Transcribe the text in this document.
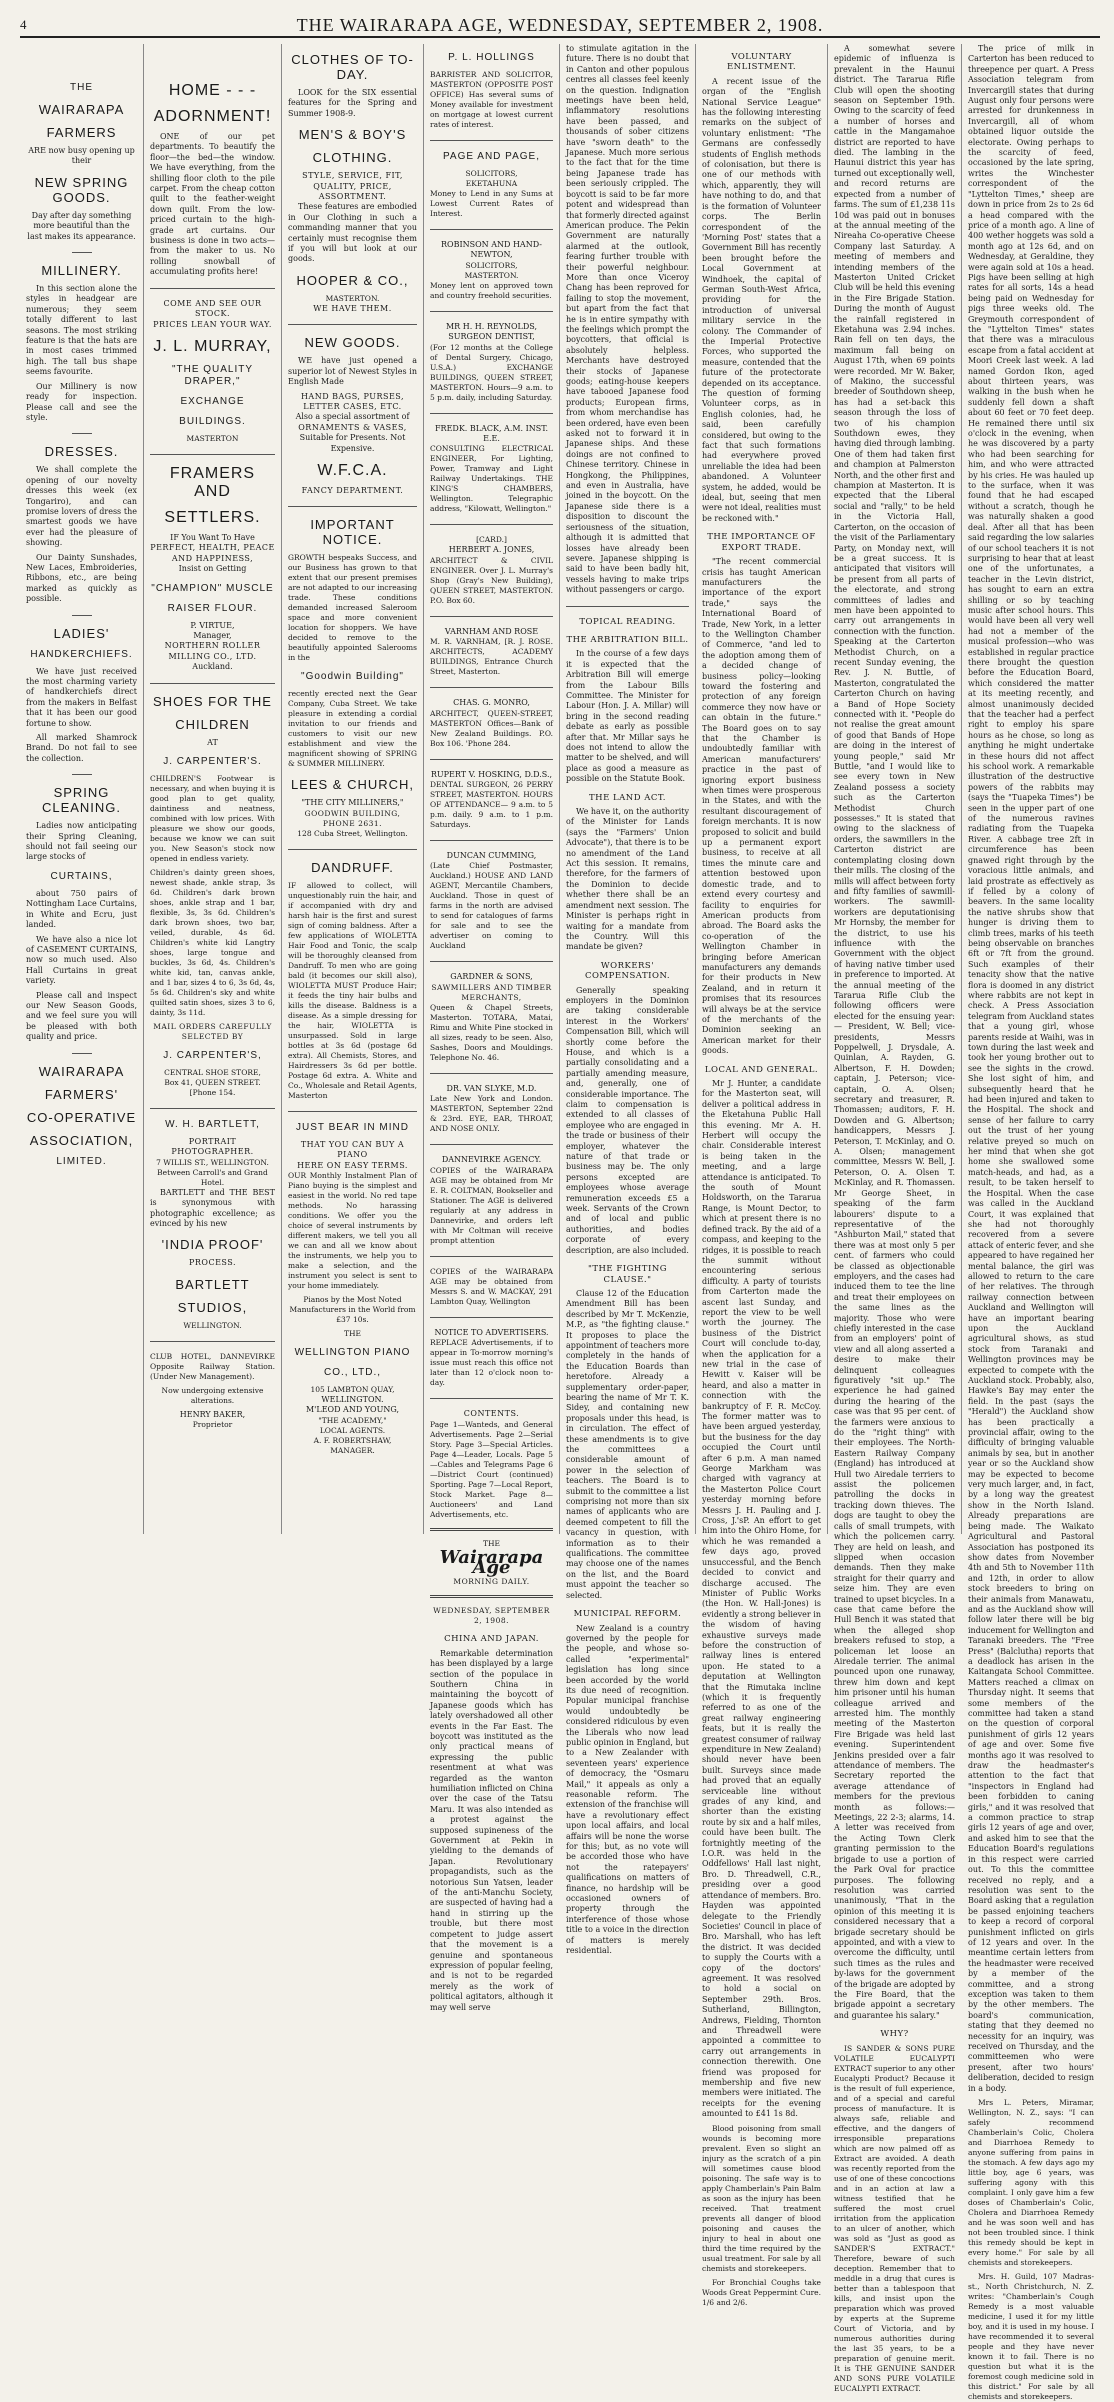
4	THE WAIRARAPA AGE, WEDNESDAY, SEPTEMBER 2, 1908.
THE
WAIRARAPA
FARMERS

ARE now busy opening up their

NEW SPRING GOODS.

Day after day something more beautiful than the last makes its appearance.

MILLINERY.

In this section alone the styles in headgear are numerous; they seem totally different to last seasons. The most striking feature is that the hats are in most cases trimmed high. The tall bus shape seems favourite.

Our Millinery is now ready for inspection. Please call and see the style.

DRESSES.

We shall complete the opening of our novelty dresses this week (ex Tongariro), and can promise lovers of dress the smartest goods we have ever had the pleasure of showing.

Our Dainty Sunshades, New Laces, Embroideries, Ribbons, etc., are being marked as quickly as possible.

LADIES'
HANDKERCHIEFS.

We have just received the most charming variety of handkerchiefs direct from the makers in Belfast that it has been our good fortune to show.

All marked Shamrock Brand. Do not fail to see the collection.

SPRING CLEANING.

Ladies now anticipating their Spring Cleaning, should not fail seeing our large stocks of

CURTAINS,

about 750 pairs of Nottingham Lace Curtains, in White and Ecru, just landed.

We have also a nice lot of CASEMENT CURTAINS, now so much used. Also Hall Curtains in great variety.

Please call and inspect our New Season Goods, and we feel sure you will be pleased with both quality and price.

WAIRARAPA
FARMERS'
CO-OPERATIVE
ASSOCIATION,
LIMITED.
HOME - - -
ADORNMENT!

ONE of our pet departments. To beautify the floor—the bed—the window. We have everything, from the shilling floor cloth to the pile carpet. From the cheap cotton quilt to the feather-weight down quilt. From the low-priced curtain to the high-grade art curtains. Our business is done in two acts—from the maker to us. No rolling snowball of accumulating profits here!

COME AND SEE OUR STOCK.
PRICES LEAN YOUR WAY.
J. L. MURRAY,
"THE QUALITY DRAPER,"
EXCHANGE
BUILDINGS.
MASTERTON
FRAMERS AND
SETTLERS.
IF You Want To Have
PERFECT, HEALTH, PEACE AND HAPPINESS,
Insist on Getting
"CHAMPION" MUSCLE
RAISER FLOUR.
P. VIRTUE,
Manager,
NORTHERN ROLLER MILLING CO., LTD.
Auckland.
SHOES FOR THE
CHILDREN
AT
J. CARPENTER'S.

CHILDREN'S Footwear is necessary, and when buying it is good plan to get quality, daintiness and neatness, combined with low prices. With pleasure we show our goods, because we know we can suit you. New Season's stock now opened in endless variety.

Children's dainty green shoes, newest shade, ankle strap, 3s 6d. Children's dark brown shoes, ankle strap and 1 bar, flexible, 3s, 3s 6d. Children's dark brown shoes, two bar, veiled, durable, 4s 6d. Children's white kid Langtry shoes, large tongue and buckles, 3s 6d, 4s. Children's white kid, tan, canvas ankle, and 1 bar, sizes 4 to 6, 3s 6d, 4s, 5s 6d. Children's sky and white quilted satin shoes, sizes 3 to 6, dainty, 3s 11d.

MAIL ORDERS CAREFULLY SELECTED BY
J. CARPENTER'S,
CENTRAL SHOE STORE,
Box 41, QUEEN STREET. [Phone 154.
W. H. BARTLETT,
PORTRAIT PHOTOGRAPHER.
7 WILLIS ST., WELLINGTON.
Between Carroll's and Grand Hotel.

BARTLETT and THE BEST is synonymous with photographic excellence; as evinced by his new

'INDIA PROOF'
PROCESS.
BARTLETT
STUDIOS,
WELLINGTON.

CLUB HOTEL, DANNEVIRKE Opposite Railway Station. (Under New Management).

Now undergoing extensive alterations.

HENRY BAKER,
Proprietor
CLOTHES OF TO-DAY.

LOOK for the SIX essential features for the Spring and Summer 1908-9.

MEN'S & BOY'S
CLOTHING.
STYLE, SERVICE, FIT,
QUALITY, PRICE, ASSORTMENT.

These features are embodied in Our Clothing in such a commanding manner that you certainly must recognise them if you will but look at our goods.

HOOPER & CO.,
MASTERTON.
WE HAVE THEM.
NEW GOODS.

WE have just opened a superior lot of Newest Styles in English Made

HAND BAGS, PURSES, LETTER CASES, ETC.
Also a special assortment of
ORNAMENTS & VASES,
Suitable for Presents. Not Expensive.
W.F.C.A.
FANCY DEPARTMENT.
IMPORTANT NOTICE.

GROWTH bespeaks Success, and our Business has grown to that extent that our present premises are not adapted to our increasing trade. These conditions demanded increased Saleroom space and more convenient location for shoppers. We have decided to remove to the beautifully appointed Salerooms in the

"Goodwin Building"

recently erected next the Gear Company, Cuba Street. We take pleasure in extending a cordial invitation to our friends and customers to visit our new establishment and view the magnificent showing of SPRING & SUMMER MILLINERY.

LEES & CHURCH,
"THE CITY MILLINERS,"
GOODWIN BUILDING, PHONE 2631.
128 Cuba Street, Wellington.
DANDRUFF.

IF allowed to collect, will unquestionably ruin the hair, and if accompanied with dry and harsh hair is the first and surest sign of coming baldness. After a few applications of WIOLETTA Hair Food and Tonic, the scalp will be thoroughly cleansed from Dandruff. To men who are going bald (it becomes our skill also), WIOLETTA MUST Produce Hair; it feeds the tiny hair bulbs and kills the disease. Baldness is a disease. As a simple dressing for the hair, WIOLETTA is unsurpassed. Sold in large bottles at 3s 6d (postage 6d extra). All Chemists, Stores, and Hairdressers 3s 6d per bottle. Postage 6d extra. A. White and Co., Wholesale and Retail Agents, Masterton

JUST BEAR IN MIND
THAT YOU CAN BUY A PIANO
HERE ON EASY TERMS.

OUR Monthly Instalment Plan of Piano buying is the simplest and easiest in the world. No red tape methods. No harassing conditions. We offer you the choice of several instruments by different makers, we tell you all we can and all we know about the instruments, we help you to make a selection, and the instrument you select is sent to your home immediately.

Pianos by the Most Noted Manufacturers in the World from £37 10s.

THE
WELLINGTON PIANO
CO., LTD.,
105 LAMBTON QUAY,
WELLINGTON.
M'LEOD AND YOUNG,
"THE ACADEMY,"
LOCAL AGENTS.
A. F. ROBERTSHAW,
MANAGER.
P. L. HOLLINGS

BARRISTER AND SOLICITOR, MASTERTON (OPPOSITE POST OFFICE) Has several sums of Money available for investment on mortgage at lowest current rates of interest.

PAGE AND PAGE,
SOLICITORS,
EKETAHUNA

Money to Lend in any Sums at Lowest Current Rates of Interest.

ROBINSON AND HAND-NEWTON,
SOLICITORS,
MASTERTON.

Money lent on approved town and country freehold securities.

MR H. H. REYNOLDS, SURGEON DENTIST,

(For 12 months at the College of Dental Surgery, Chicago, U.S.A.) EXCHANGE BUILDINGS, QUEEN STREET, MASTERTON. Hours—9 a.m. to 5 p.m. daily, including Saturday.

FREDK. BLACK, A.M. INST. E.E.

CONSULTING ELECTRICAL ENGINEER, For Lighting, Power, Tramway and Light Railway Undertakings. THE KING'S CHAMBERS, Wellington. Telegraphic address, "Kilowatt, Wellington."

[CARD.]
HERBERT A. JONES,

ARCHITECT & CIVIL ENGINEER. Over J. L. Murray's Shop (Gray's New Building), QUEEN STREET, MASTERTON. P.O. Box 60.

VARNHAM AND ROSE

M. R. VARNHAM, [R. J. ROSE. ARCHITECTS, ACADEMY BUILDINGS, Entrance Church Street, Masterton.

CHAS. G. MONRO,

ARCHITECT, QUEEN-STREET, MASTERTON Offices—Bank of New Zealand Buildings. P.O. Box 106. 'Phone 284.

RUPERT V. HOSKING, D.D.S.,

DENTAL SURGEON, 26 PERRY STREET, MASTERTON. HOURS OF ATTENDANCE— 9 a.m. to 5 p.m. daily. 9 a.m. to 1 p.m. Saturdays.

DUNCAN CUMMING,

(Late Chief Postmaster, Auckland.) HOUSE AND LAND AGENT, Mercantile Chambers, Auckland. Those in quest of farms in the north are advised to send for catalogues of farms for sale and to see the advertiser on coming to Auckland

GARDNER & SONS,
SAWMILLERS AND TIMBER MERCHANTS,

Queen & Chapel Streets, Masterton. TOTARA, Matai, Rimu and White Pine stocked in all sizes, ready to be seen. Also, Sashes, Doors and Mouldings. Telephone No. 46.

DR. VAN SLYKE, M.D.

Late New York and London. MASTERTON, September 22nd & 23rd. EYE, EAR, THROAT, AND NOSE ONLY.

DANNEVIRKE AGENCY.

COPIES of the WAIRARAPA AGE may be obtained from Mr E. R. COLTMAN, Bookseller and Stationer. The AGE is delivered regularly at any address in Dannevirke, and orders left with Mr Coltman will receive prompt attention

COPIES of the WAIRARAPA AGE may be obtained from Messrs S. and W. MACKAY, 291 Lambton Quay, Wellington

NOTICE TO ADVERTISERS.

REPLACE Advertisements, if to appear in To-morrow morning's issue must reach this office not later than 12 o'clock noon to-day.

CONTENTS.

Page 1—Wanteds, and General Advertisements. Page 2—Serial Story. Page 3—Special Articles. Page 4—Leader, Locals. Page 5—Cables and Telegrams Page 6—District Court (continued) Sporting. Page 7—Local Report, Stock Market. Page 8—Auctioneers' and Land Advertisements, etc.

THE
Wairarapa Age
MORNING DAILY.
WEDNESDAY, SEPTEMBER 2, 1908.
CHINA AND JAPAN.

Remarkable determination has been displayed by a large section of the populace in Southern China in maintaining the boycott of Japanese goods which has lately overshadowed all other events in the Far East. The boycott was instituted as the only practical means of expressing the public resentment at what was regarded as the wanton humiliation inflicted on China over the case of the Tatsu Maru. It was also intended as a protest against the supposed supineness of the Government at Pekin in yielding to the demands of Japan. Revolutionary propagandists, such as the notorious Sun Yatsen, leader of the anti-Manchu Society, are suspected of having had a hand in stirring up the trouble, but there most competent to judge assert that the movement is a genuine and spontaneous expression of popular feeling, and is not to be regarded merely as the work of political agitators, although it may well serve

to stimulate agitation in the future. There is no doubt that in Canton and other populous centres all classes feel keenly on the question. Indignation meetings have been held, inflammatory resolutions have been passed, and thousands of sober citizens have "sworn death" to the Japanese. Much more serious to the fact that for the time being Japanese trade has been seriously crippled. The boycott is said to be far more potent and widespread than that formerly directed against American produce. The Pekin Government are naturally alarmed at the outlook, fearing further trouble with their powerful neighbour. More than once Viceroy Chang has been reproved for failing to stop the movement, but apart from the fact that he is in entire sympathy with the feelings which prompt the boycotters, that official is absolutely helpless. Merchants have destroyed their stocks of Japanese goods; eating-house keepers have tabooed Japanese food products; European firms, from whom merchandise has been ordered, have even been asked not to forward it in Japanese ships. And these doings are not confined to Chinese territory. Chinese in Hongkong, the Philippines, and even in Australia, have joined in the boycott. On the Japanese side there is a disposition to discount the seriousness of the situation, although it is admitted that losses have already been severe. Japanese shipping is said to have been badly hit, vessels having to make trips without passengers or cargo.

TOPICAL READING.
THE ARBITRATION BILL.

In the course of a few days it is expected that the Arbitration Bill will emerge from the Labour Bills Committee. The Minister for Labour (Hon. J. A. Millar) will bring in the second reading debate as early as possible after that. Mr Millar says he does not intend to allow the matter to be shelved, and will place as good a measure as possible on the Statute Book.

THE LAND ACT.

We have it, on the authority of the Minister for Lands (says the "Farmers' Union Advocate"), that there is to be no amendment of the Land Act this session. It remains, therefore, for the farmers of the Dominion to decide whether there shall be an amendment next session. The Minister is perhaps right in waiting for a mandate from the Country. Will this mandate be given?

WORKERS' COMPENSATION.

Generally speaking employers in the Dominion are taking considerable interest in the Workers' Compensation Bill, which will shortly come before the House, and which is a partially consolidating and a partially amending measure, and, generally, one of considerable importance. The claim to compensation is extended to all classes of employee who are engaged in the trade or business of their employer, whatever the nature of that trade or business may be. The only persons excepted are employees whose average remuneration exceeds £5 a week. Servants of the Crown and of local and public authorities, and bodies corporate of every description, are also included.

"THE FIGHTING CLAUSE."

Clause 12 of the Education Amendment Bill has been described by Mr T. McKenzie, M.P., as "the fighting clause." It proposes to place the appointment of teachers more completely in the hands of the Education Boards than heretofore. Already a supplementary order-paper, bearing the name of Mr T. K. Sidey, and containing new proposals under this head, is in circulation. The effect of these amendments is to give the committees a considerable amount of power in the selection of teachers. The Board is to submit to the committee a list comprising not more than six names of applicants who are deemed competent to fill the vacancy in question, with information as to their qualifications. The committee may choose one of the names on the list, and the Board must appoint the teacher so selected.

MUNICIPAL REFORM.

New Zealand is a country governed by the people for the people, and whose so-called "experimental" legislation has long since been accorded by the world its due need of recognition. Popular municipal franchise would undoubtedly be considered ridiculous by even the Liberals who now lead public opinion in England, but to a New Zealander with seventeen years' experience of democracy, the "Osmaru Mail," it appeals as only a reasonable reform. The extension of the franchise will have a revolutionary effect upon local affairs, and local affairs will be none the worse for this; but, as no vote will be accorded those who have not the ratepayers' qualifications on matters of finance, no hardship will be occasioned owners of property through the interference of those whose title to a voice in the direction of matters is merely residential.

VOLUNTARY ENLISTMENT.

A recent issue of the organ of the "English National Service League" has the following interesting remarks on the subject of voluntary enlistment: "The Germans are confessedly students of English methods of colonisation, but there is one of our methods with which, apparently, they will have nothing to do, and that is the formation of Volunteer corps. The Berlin correspondent of the 'Morning Post' states that a Government Bill has recently been brought before the Local Government at Windhoek, the capital of German South-West Africa, providing for the introduction of universal military service in the colony. The Commander of the Imperial Protective Forces, who supported the measure, contended that the future of the protectorate depended on its acceptance. The question of forming Volunteer corps, as in English colonies, had, he said, been carefully considered, but owing to the fact that such formations had everywhere proved unreliable the idea had been abandoned. A Volunteer system, he added, would be ideal, but, seeing that men were not ideal, realities must be reckoned with."

THE IMPORTANCE OF EXPORT TRADE.

"The recent commercial crisis has taught American manufacturers the importance of the export trade," says the International Board of Trade, New York, in a letter to the Wellington Chamber of Commerce, "and led to the adoption among them of a decided change of business policy—looking toward the fostering and protection of any foreign commerce they now have or can obtain in the future." The Board goes on to say that the Chamber is undoubtedly familiar with American manufacturers' practice in the past of ignoring export business when times were prosperous in the States, and with the resultant discouragement of foreign merchants. It is now proposed to solicit and build up a permanent export business, to receive at all times the minute care and attention bestowed upon domestic trade, and to extend every courtesy and facility to enquiries for American products from abroad. The Board asks the co-operation of the Wellington Chamber in bringing before American manufacturers any demands for their products in New Zealand, and in return it promises that its resources will always be at the service of the merchants of the Dominion seeking an American market for their goods.

LOCAL AND GENERAL.

Mr J. Hunter, a candidate for the Masterton seat, will deliver a political address in the Eketahuna Public Hall this evening. Mr A. H. Herbert will occupy the chair. Considerable interest is being taken in the meeting, and a large attendance is anticipated. To the south of Mount Holdsworth, on the Tararua Range, is Mount Dector, to which at present there is no defined track. By the aid of a compass, and keeping to the ridges, it is possible to reach the summit without encountering serious difficulty. A party of tourists from Carterton made the ascent last Sunday, and report the view to be well worth the journey. The business of the District Court will conclude to-day, when the application for a new trial in the case of Hewitt v. Kaiser will be heard, and also a matter in connection with the bankruptcy of F. R. McCoy. The former matter was to have been argued yesterday, but the business for the day occupied the Court until after 6 p.m. A man named George Markham was charged with vagrancy at the Masterton Police Court yesterday morning before Messrs J. H. Pauling and J. Cross, J.'sP. An effort to get him into the Ohiro Home, for which he was remanded a few days ago, proved unsuccessful, and the Bench decided to convict and discharge accused. The Minister of Public Works (the Hon. W. Hall-Jones) is evidently a strong believer in the wisdom of having exhaustive surveys made before the construction of railway lines is entered upon. He stated to a deputation at Wellington that the Rimutaka incline (which it is frequently referred to as one of the great railway engineering feats, but it is really the greatest consumer of railway expenditure in New Zealand) should never have been built. Surveys since made had proved that an equally serviceable line without grades of any kind, and shorter than the existing route by six and a half miles, could have been built. The fortnightly meeting of the I.O.R. was held in the Oddfellows' Hall last night, Bro. D. Threadwell, C.R., presiding over a good attendance of members. Bro. Hayden was appointed delegate to the Friendly Societies' Council in place of Bro. Marshall, who has left the district. It was decided to supply the Courts with a copy of the doctors' agreement. It was resolved to hold a social on September 29th. Bros. Sutherland, Billington, Andrews, Fielding, Thornton and Threadwell were appointed a committee to carry out arrangements in connection therewith. One friend was proposed for membership and five new members were initiated. The receipts for the evening amounted to £41 1s 8d.

Blood poisoning from small wounds is becoming more prevalent. Even so slight an injury as the scratch of a pin will sometimes cause blood poisoning. The safe way is to apply Chamberlain's Pain Balm as soon as the injury has been received. That treatment prevents all danger of blood poisoning and causes the injury to heal in about one third the time required by the usual treatment. For sale by all chemists and storekeepers.

For Bronchial Coughs take Woods Great Peppermint Cure. 1/6 and 2/6.

A somewhat severe epidemic of influenza is prevalent in the Haunui district. The Tararua Rifle Club will open the shooting season on September 19th. Owing to the scarcity of feed a number of horses and cattle in the Mangamahoe district are reported to have died. The lambing in the Haunui district this year has turned out exceptionally well, and record returns are expected from a number of farms. The sum of £1,238 11s 10d was paid out in bonuses at the annual meeting of the Nireaha Co-operative Cheese Company last Saturday. A meeting of members and intending members of the Masterton United Cricket Club will be held this evening in the Fire Brigade Station. During the month of August the rainfall registered in Eketahuna was 2.94 inches. Rain fell on ten days, the maximum fall being on August 17th, when 69 points were recorded. Mr W. Baker, of Makino, the successful breeder of Southdown sheep, has had a set-back this season through the loss of two of his champion Southdown ewes, they having died through lambing. One of them had taken first and champion at Palmerston North, and the other first and champion at Masterton. It is expected that the Liberal social and "rally," to be held in the Victoria Hall, Carterton, on the occasion of the visit of the Parliamentary Party, on Monday next, will be a great success. It is anticipated that visitors will be present from all parts of the electorate, and strong committees of ladies and men have been appointed to carry out arrangements in connection with the function. Speaking at the Carterton Methodist Church, on a recent Sunday evening, the Rev. J. N. Buttle, of Masterton, congratulated the Carterton Church on having a Band of Hope Society connected with it. "People do not realise the great amount of good that Bands of Hope are doing in the interest of young people," said Mr Buttle, "and I would like to see every town in New Zealand possess a society such as the Carterton Methodist Church possesses." It is stated that owing to the slackness of orders, the sawmillers in the Carterton district are contemplating closing down their mills. The closing of the mills will affect between forty and fifty families of sawmill-workers. The sawmill-workers are deputationising Mr Hornsby, the member for the district, to use his influence with the Government with the object of having native timber used in preference to imported. At the annual meeting of the Tararua Rifle Club the following officers were elected for the ensuing year:— President, W. Bell; vice-presidents, Messrs Poppelwell, J. Drysdale, A. Quinlan, A. Rayden, G. Albertson, F. H. Dowden; captain, J. Peterson; vice-captain, O. A. Olsen; secretary and treasurer, R. Thomassen; auditors, F. H. Dowden and G. Albertson; handicappers, Messrs J. Peterson, T. McKinlay, and O. A. Olsen; management committee, Messrs W. Bell, J. Peterson, O. A. Olsen T. McKinlay, and R. Thomassen. Mr George Sheet, in speaking of the farm labourers' dispute to a representative of the "Ashburton Mail," stated that there was at most only 5 per cent. of farmers who could be classed as objectionable employers, and the cases had induced them to tee the line and treat their employees on the same lines as the majority. Those who were chiefly interested in the case from an employers' point of view and all along asserted a desire to make their delinquent colleagues figuratively "sit up." The experience he had gained during the hearing of the case was that 95 per cent. of the farmers were anxious to do the "right thing" with their employees. The North-Eastern Railway Company (England) has introduced at Hull two Airedale terriers to assist the policemen patrolling the docks in tracking down thieves. The dogs are taught to obey the calls of small trumpets, with which the policemen carry. They are held on leash, and slipped when occasion demands. Then they make straight for their quarry and seize him. They are even trained to upset bicycles. In a case that came before the Hull Bench it was stated that when the alleged shop breakers refused to stop, a policeman let loose an Airedale terrier. The animal pounced upon one runaway, threw him down and kept him prisoner until his human colleague arrived and arrested him. The monthly meeting of the Masterton Fire Brigade was held last evening. Superintendent Jenkins presided over a fair attendance of members. The Secretary reported the average attendance of members for the previous month as follows:— Meetings, 22 2-3; alarms, 14. A letter was received from the Acting Town Clerk granting permission to the brigade to use a portion of the Park Oval for practice purposes. The following resolution was carried unanimously, "That in the opinion of this meeting it is considered necessary that a brigade secretary should be appointed, and with a view to overcome the difficulty, until such times as the rules and by-laws for the government of the brigade are adopted by the Fire Board, that the brigade appoint a secretary and guarantee his salary."

WHY?

IS SANDER & SONS PURE VOLATILE EUCALYPTI EXTRACT superior to any other Eucalypti Product? Because it is the result of full experience, and of a special and careful process of manufacture. It is always safe, reliable and effective, and the dangers of irresponsible preparations which are now palmed off as Extract are avoided. A death was recently reported from the use of one of these concoctions and in an action at law a witness testified that he suffered the most cruel irritation from the application to an ulcer of another, which was sold as "Just as good as SANDER'S EXTRACT." Therefore, beware of such deception. Remember that to meddle in a drug that cures is better than a tablespoon that kills, and insist upon the preparation which was proved by experts at the Supreme Court of Victoria, and by numerous authorities during the last 35 years, to be a preparation of genuine merit. It is THE GENUINE SANDER AND SONS PURE VOLATILE EUCALYPTI EXTRACT.

The price of milk in Carterton has been reduced to threepence per quart. A Press Association telegram from Invercargill states that during August only four persons were arrested for drunkenness in Invercargill, all of whom obtained liquor outside the electorate. Owing perhaps to the scarcity of feed, occasioned by the late spring, writes the Winchester correspondent of the "Lyttelton Times," sheep are down in price from 2s to 2s 6d a head compared with the price of a month ago. A line of 400 wether hoggets was sold a month ago at 12s 6d, and on Wednesday, at Geraldine, they were again sold at 10s a head. Pigs have been selling at high rates for all sorts, 14s a head being paid on Wednesday for pigs three weeks old. The Greymouth correspondent of the "Lyttelton Times" states that there was a miraculous escape from a fatal accident at Moori Creek last week. A lad named Gordon Ikon, aged about thirteen years, was walking in the bush when he suddenly fell down a shaft about 60 feet or 70 feet deep. He remained there until six o'clock in the evening, when he was discovered by a party who had been searching for him, and who were attracted by his cries. He was hauled up to the surface, when it was found that he had escaped without a scratch, though he was naturally shaken a good deal. After all that has been said regarding the low salaries of our school teachers it is not surprising to hear that at least one of the unfortunates, a teacher in the Levin district, has sought to earn an extra shilling or so by teaching music after school hours. This would have been all very well had not a member of the musical profession—who was established in regular practice there brought the question before the Education Board, which considered the matter at its meeting recently, and almost unanimously decided that the teacher had a perfect right to employ his spare hours as he chose, so long as anything he might undertake in these hours did not affect his school work. A remarkable illustration of the destructive powers of the rabbits may (says the "Tuapeka Times") be seen in the upper part of one of the numerous ravines radiating from the Tuapeka River. A cabbage tree 2ft in circumference has been gnawed right through by the voracious little animals, and laid prostrate as effectively as if felled by a colony of beavers. In the same locality the native shrubs show that hunger is driving them to climb trees, marks of his teeth being observable on branches 6ft or 7ft from the ground. Such examples of their tenacity show that the native flora is doomed in any district where rabbits are not kept in check. A Press Association telegram from Auckland states that a young girl, whose parents reside at Waihi, was in town during the last week and took her young brother out to see the sights in the crowd. She lost sight of him, and subsequently heard that he had been injured and taken to the Hospital. The shock and sense of her failure to carry out the trust of her young relative preyed so much on her mind that when she got home she swallowed some match-heads, and had, as a result, to be taken herself to the Hospital. When the case was called in the Auckland Court, it was explained that she had not thoroughly recovered from a severe attack of enteric fever, and she appeared to have regained her mental balance, the girl was allowed to return to the care of her relatives. The through railway connection between Auckland and Wellington will have an important bearing upon the Auckland agricultural shows, as stud stock from Taranaki and Wellington provinces may be expected to compete with the Auckland stock. Probably, also, Hawke's Bay may enter the field. In the past (says the "Herald") the Auckland show has been practically a provincial affair, owing to the difficulty of bringing valuable animals by sea, but in another year or so the Auckland show may be expected to become very much larger, and, in fact, by a long way the greatest show in the North Island. Already preparations are being made. The Waikato Agricultural and Pastoral Association has postponed its show dates from November 4th and 5th to November 11th and 12th, in order to allow stock breeders to bring on their animals from Manawatu, and as the Auckland show will follow later there will be big inducement for Wellington and Taranaki breeders. The "Free Press" (Balclutha) reports that a deadlock has arisen in the Kaitangata School Committee. Matters reached a climax on Thursday night. It seems that some members of the committee had taken a stand on the question of corporal punishment of girls 12 years of age and over. Some five months ago it was resolved to draw the headmaster's attention to the fact that "inspectors in England had been forbidden to caning girls," and it was resolved that a common practice to strap girls 12 years of age and over, and asked him to see that the Education Board's regulations in this respect were carried out. To this the committee received no reply, and a resolution was sent to the Board asking that a regulation be passed enjoining teachers to keep a record of corporal punishment inflicted on girls of 12 years and over. In the meantime certain letters from the headmaster were received by a member of the committee, and a strong exception was taken to them by the other members. The board's communication, stating that they deemed no necessity for an inquiry, was received on Thursday, and the committeemen who were present, after two hours' deliberation, decided to resign in a body.

Mrs L. Peters, Miramar, Wellington, N. Z., says: "I can safely recommend Chamberlain's Colic, Cholera and Diarrhoea Remedy to anyone suffering from pains in the stomach. A few days ago my little boy, age 6 years, was suffering agony with this complaint. I only gave him a few doses of Chamberlain's Colic, Cholera and Diarrhoea Remedy and he was soon well and has not been troubled since. I think this remedy should be kept in every home." For sale by all chemists and storekeepers.

Mrs. H. Guild, 107 Madras-st., North Christchurch, N. Z. writes: "Chamberlain's Cough Remedy is a most valuable medicine, I used it for my little boy, and it is used in my house. I have recommended it to several people and they have never known it to fail. There is no question but what it is the foremost cough medicine sold in this district." For sale by all chemists and storekeepers.
